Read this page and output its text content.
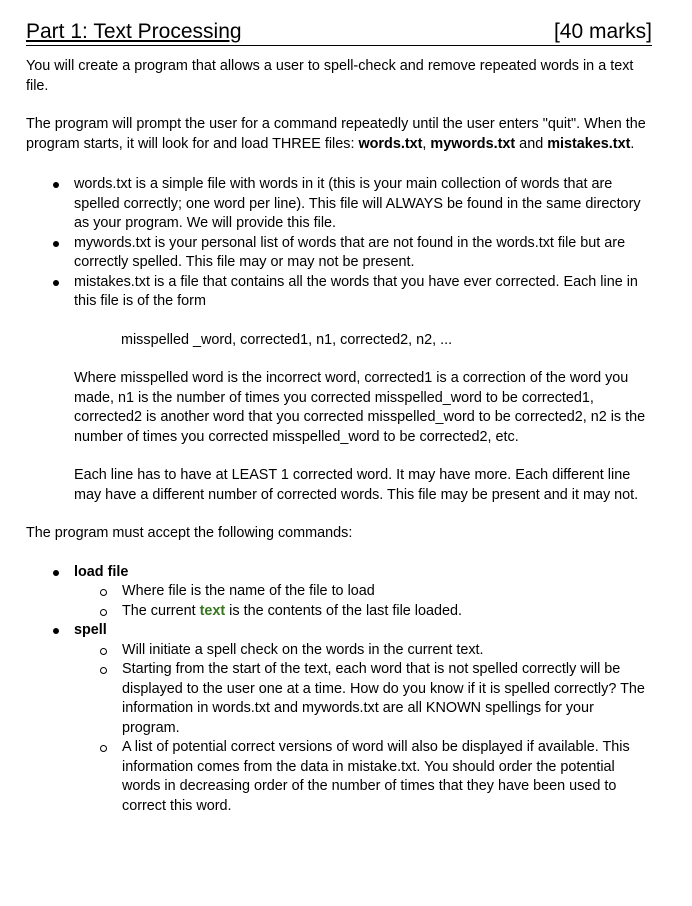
Part 1: Text Processing	[40 marks]

You will create a program that allows a user to spell-check and remove repeated words in a text file.

The program will prompt the user for a command repeatedly until the user enters "quit". When the program starts, it will look for and load THREE files: words.txt, mywords.txt and mistakes.txt.

words.txt is a simple file with words in it (this is your main collection of words that are spelled correctly; one word per line). This file will ALWAYS be found in the same directory as your program. We will provide this file.
mywords.txt is your personal list of words that are not found in the words.txt file but are correctly spelled. This file may or may not be present.
mistakes.txt is a file that contains all the words that you have ever corrected. Each line in this file is of the form
misspelled _word, corrected1, n1, corrected2, n2, ...

Where misspelled word is the incorrect word, corrected1 is a correction of the word you made, n1 is the number of times you corrected misspelled_word to be corrected1, corrected2 is another word that you corrected misspelled_word to be corrected2, n2 is the number of times you corrected misspelled_word to be corrected2, etc.

Each line has to have at LEAST 1 corrected word. It may have more. Each different line may have a different number of corrected words. This file may be present and it may not.

The program must accept the following commands:

load file
Where file is the name of the file to load
The current text is the contents of the last file loaded.
spell
Will initiate a spell check on the words in the current text.
Starting from the start of the text, each word that is not spelled correctly will be displayed to the user one at a time. How do you know if it is spelled correctly? The information in words.txt and mywords.txt are all KNOWN spellings for your program.
A list of potential correct versions of word will also be displayed if available. This information comes from the data in mistake.txt. You should order the potential words in decreasing order of the number of times that they have been used to correct this word.
